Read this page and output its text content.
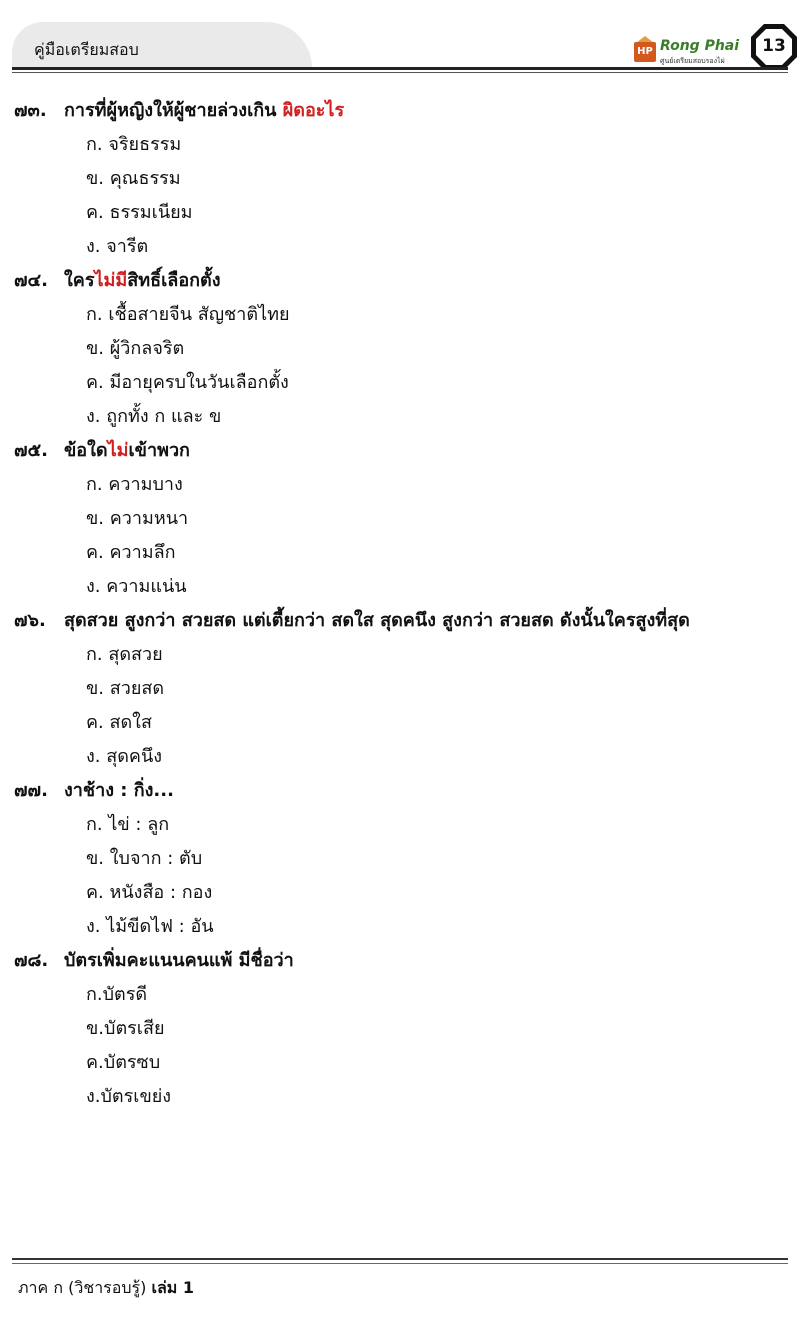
คู่มือเตรียมสอบ	HP Rong Phai
ศูนย์เตรียมสอบรองไผ่
13
๗๓. การที่ผู้หญิงให้ผู้ชายล่วงเกิน ผิดอะไร
ก. จริยธรรม
ข. คุณธรรม
ค. ธรรมเนียม
ง. จารีต
๗๔. ใครไม่มีสิทธิ์เลือกตั้ง
ก. เชื้อสายจีน สัญชาติไทย
ข. ผู้วิกลจริต
ค. มีอายุครบในวันเลือกตั้ง
ง. ถูกทั้ง ก และ ข
๗๕. ข้อใดไม่เข้าพวก
ก. ความบาง
ข. ความหนา
ค. ความลึก
ง. ความแน่น
๗๖. สุดสวย สูงกว่า สวยสด แต่เตี้ยกว่า สดใส สุดคนึง สูงกว่า สวยสด ดังนั้นใครสูงที่สุด
ก. สุดสวย
ข. สวยสด
ค. สดใส
ง. สุดคนึง
๗๗. งาช้าง : กิ่ง...
ก. ไข่ : ลูก
ข. ใบจาก : ตับ
ค. หนังสือ : กอง
ง. ไม้ขีดไฟ : อัน
๗๘. บัตรเพิ่มคะแนนคนแพ้ มีชื่อว่า
ก.บัตรดี
ข.บัตรเสีย
ค.บัตรซบ
ง.บัตรเขย่ง
ภาค ก (วิชารอบรู้) เล่ม 1
